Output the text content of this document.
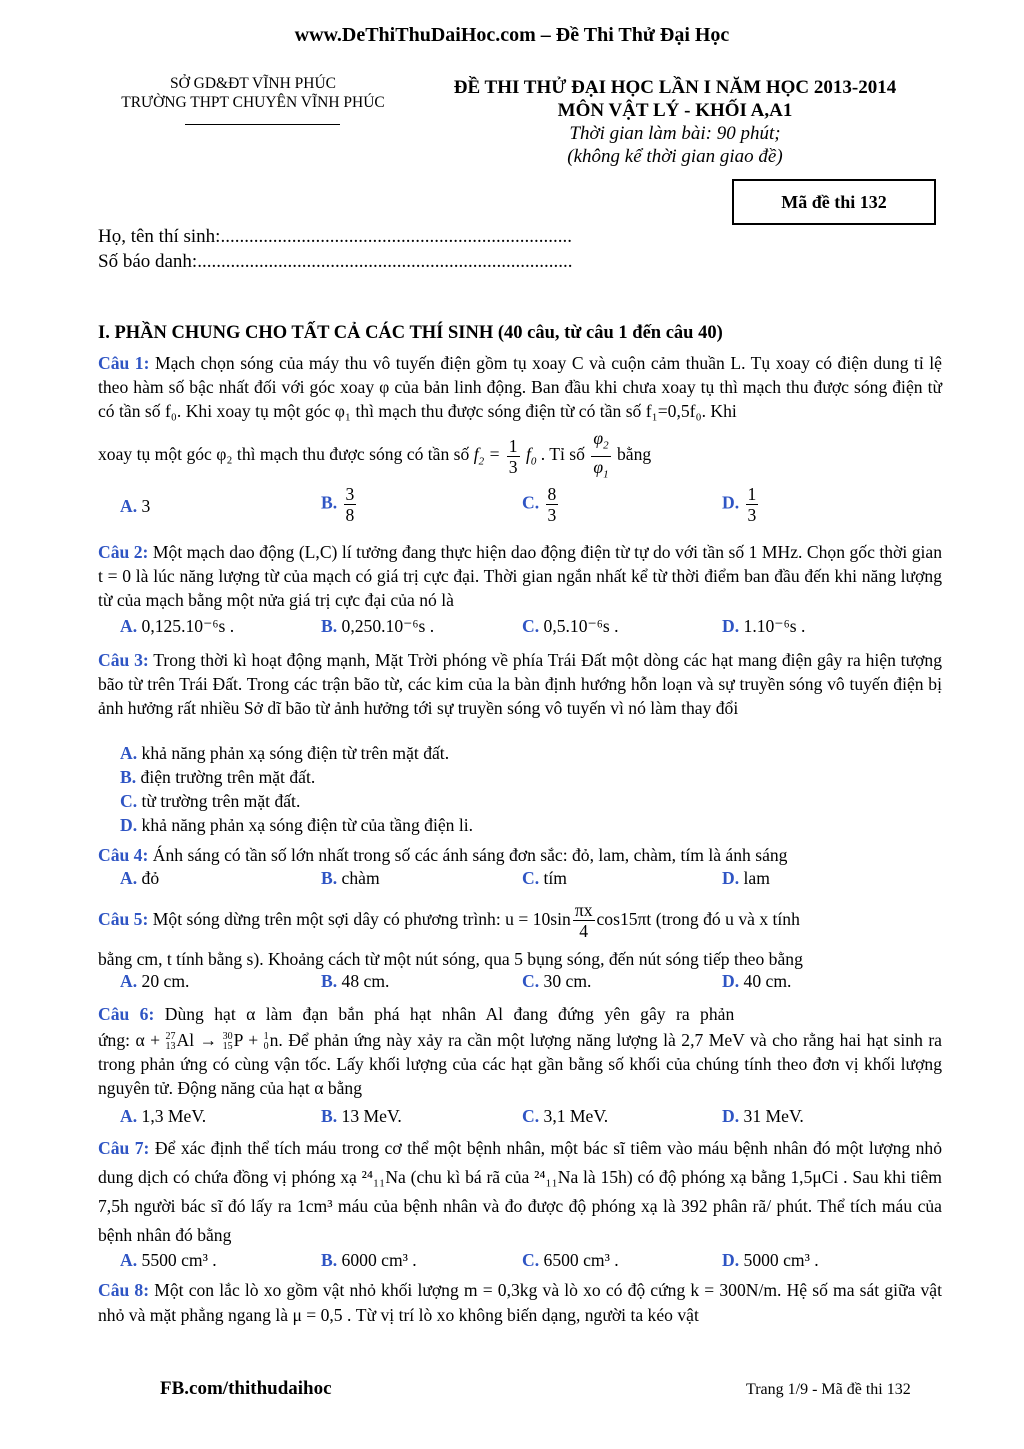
www.DeThiThuDaiHoc.com – Đề Thi Thử Đại Học
SỞ GD&ĐT VĨNH PHÚC
TRƯỜNG THPT CHUYÊN VĨNH PHÚC
ĐỀ THI THỬ ĐẠI HỌC LẦN I NĂM HỌC 2013-2014
MÔN VẬT LÝ - KHỐI A,A1
Thời gian làm bài: 90 phút;
(không kể thời gian giao đề)
Mã đề thi 132
Họ, tên thí sinh:..........................................................................
Số báo danh:...............................................................................
I. PHẦN CHUNG CHO TẤT CẢ CÁC THÍ SINH (40 câu, từ câu 1 đến câu 40)
Câu 1: Mạch chọn sóng của máy thu vô tuyến điện gồm tụ xoay C và cuộn cảm thuần L. Tụ xoay có điện dung tỉ lệ theo hàm số bậc nhất đối với góc xoay φ của bản linh động. Ban đầu khi chưa xoay tụ thì mạch thu được sóng điện từ có tần số f₀. Khi xoay tụ một góc φ₁ thì mạch thu được sóng điện từ có tần số f₁=0,5f₀. Khi
xoay tụ một góc φ₂ thì mạch thu được sóng có tần số $f_2 = \frac{1}{3} f_0$ . Tỉ số $\frac{\varphi_2}{\varphi_1}$ bằng
A. 3	B. $\frac{3}{8}$	C. $\frac{8}{3}$	D. $\frac{1}{3}$
Câu 2: Một mạch dao động (L,C) lí tưởng đang thực hiện dao động điện từ tự do với tần số 1 MHz. Chọn gốc thời gian t = 0 là lúc năng lượng từ của mạch có giá trị cực đại. Thời gian ngắn nhất kể từ thời điểm ban đầu đến khi năng lượng từ của mạch bằng một nửa giá trị cực đại của nó là
A. 0,125.10⁻⁶s .	B. 0,250.10⁻⁶s .	C. 0,5.10⁻⁶s .	D. 1.10⁻⁶s .
Câu 3: Trong thời kì hoạt động mạnh, Mặt Trời phóng về phía Trái Đất một dòng các hạt mang điện gây ra hiện tượng bão từ trên Trái Đất. Trong các trận bão từ, các kim của la bàn định hướng hỗn loạn và sự truyền sóng vô tuyến điện bị ảnh hưởng rất nhiều Sở dĩ bão từ ảnh hưởng tới sự truyền sóng vô tuyến vì nó làm thay đổi
A. khả năng phản xạ sóng điện từ trên mặt đất.
B. điện trường trên mặt đất.
C. từ trường trên mặt đất.
D. khả năng phản xạ sóng điện từ của tầng điện li.
Câu 4: Ánh sáng có tần số lớn nhất trong số các ánh sáng đơn sắc: đỏ, lam, chàm, tím là ánh sáng
A. đỏ	B. chàm	C. tím	D. lam
Câu 5: Một sóng dừng trên một sợi dây có phương trình: $u = 10\sin \frac{\pi x}{4} \cos 15\pi t$ (trong đó u và x tính
bằng cm, t tính bằng s). Khoảng cách từ một nút sóng, qua 5 bụng sóng, đến nút sóng tiếp theo bằng
A. 20 cm.	B. 48 cm.	C. 30 cm.	D. 40 cm.
Câu 6: Dùng hạt α làm đạn bắn phá hạt nhân Al đang đứng yên gây ra phản
ứng: α + 27
13 Al → 30
15 P + 1
0 n. Để phản ứng này xảy ra cần một lượng năng lượng là 2,7 MeV và cho rằng hai hạt sinh ra trong phản ứng có cùng vận tốc. Lấy khối lượng của các hạt gần bằng số khối của chúng tính theo đơn vị khối lượng nguyên tử. Động năng của hạt α bằng
A. 1,3 MeV.	B. 13 MeV.	C. 3,1 MeV.	D. 31 MeV.
Câu 7: Để xác định thể tích máu trong cơ thể một bệnh nhân, một bác sĩ tiêm vào máu bệnh nhân đó một lượng nhỏ dung dịch có chứa đồng vị phóng xạ ²⁴₁₁Na (chu kì bá rã của ²⁴₁₁Na là 15h) có độ phóng xạ bằng 1,5μCi . Sau khi tiêm 7,5h người bác sĩ đó lấy ra 1cm³ máu của bệnh nhân và đo được độ phóng xạ là 392 phân rã/ phút. Thể tích máu của bệnh nhân đó bằng
A. 5500 cm³ .	B. 6000 cm³ .	C. 6500 cm³ .	D. 5000 cm³ .
Câu 8: Một con lắc lò xo gồm vật nhỏ khối lượng m = 0,3kg và lò xo có độ cứng k = 300N/m. Hệ số ma sát giữa vật nhỏ và mặt phẳng ngang là μ = 0,5 . Từ vị trí lò xo không biến dạng, người ta kéo vật
FB.com/thithudaihoc	Trang 1/9 - Mã đề thi 132
